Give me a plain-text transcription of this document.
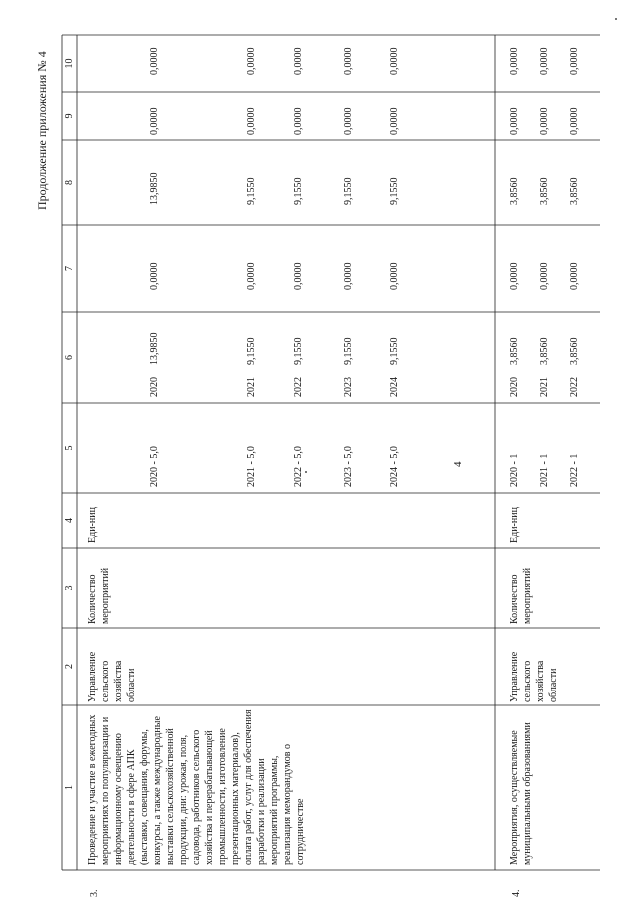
4
Продолжение приложения № 4
1
2
3
4
5
6
7
8
9
10
3.
Проведение и участие в ежегодных мероприятиях по популяризации и информационному освещению деятельности в сфере АПК (выставки, совещания, форумы, конкурсы, а также международные выставки сельскохозяйственной продукции, дни: урожая, поля, садовода, работников сельского хозяйства и перерабатывающей промышленности, изготовление презентационных материалов), оплата работ, услуг для обеспечения разработки и реализации мероприятий программы, реализация меморандумов о сотрудничестве
Управление сельского хозяйства области
Количество мероприятий
Еди-ниц
2020 - 5,0
2020
13,9850
0,0000
13,9850
0,0000
0,0000
2021 - 5,0
2021
9,1550
0,0000
9,1550
0,0000
0,0000
2022 - 5,0
2022
9,1550
0,0000
9,1550
0,0000
0,0000
2023 - 5,0
2023
9,1550
0,0000
9,1550
0,0000
0,0000
2024 - 5,0
2024
9,1550
0,0000
9,1550
0,0000
0,0000
4.
Мероприятия, осуществляемые муниципальными образованиями
Управление сельского хозяйства области
Количество мероприятий
Еди-ниц
2020 - 1
2020
3,8560
0,0000
3,8560
0,0000
0,0000
2021 - 1
2021
3,8560
0,0000
3,8560
0,0000
0,0000
2022 - 1
2022
3,8560
0,0000
3,8560
0,0000
0,0000
